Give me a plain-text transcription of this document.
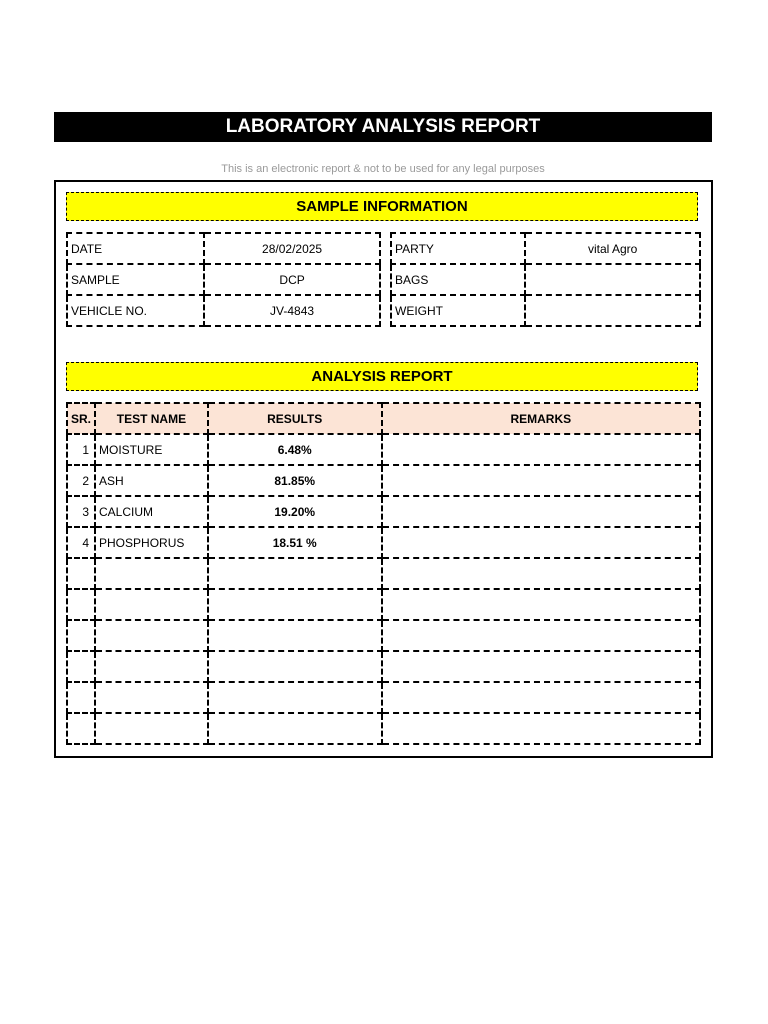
LABORATORY ANALYSIS REPORT
This is an electronic report & not to be used for any legal purposes
SAMPLE INFORMATION
DATE	28/02/2025
SAMPLE	DCP
VEHICLE NO.	JV-4843
PARTY	vital Agro
BAGS	
WEIGHT	
ANALYSIS REPORT
SR.	TEST NAME	RESULTS	REMARKS
1	MOISTURE	6.48%	
2	ASH	81.85%	
3	CALCIUM	19.20%	
4	PHOSPHORUS	18.51 %	
